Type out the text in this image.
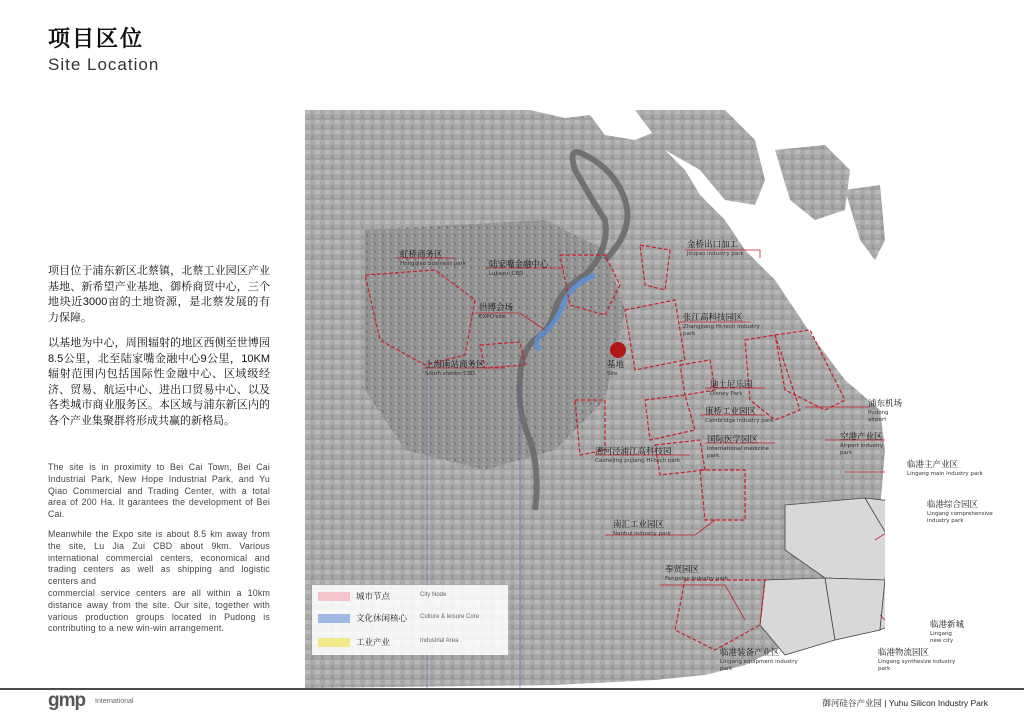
项目区位
Site Location

项目位于浦东新区北蔡镇，北蔡工业园区产业基地、新希望产业基地、御桥商贸中心，三个地块近3000亩的土地资源，是北蔡发展的有力保障。

以基地为中心，周围辐射的地区西侧至世博园8.5公里，北至陆家嘴金融中心9公里，10KM辐射范围内包括国际性金融中心、区域级经济、贸易、航运中心、进出口贸易中心、以及各类城市商业服务区。本区域与浦东新区内的各个产业集聚群将形成共赢的新格局。

The site is in proximity to Bei Cai Town, Bei Cai Industrial Park, New Hope Industrial Park, and Yu Qiao Commercial and Trading Center, with a total area of 200 Ha. It garantees the development of Bei Cai.

Meanwhile the Expo site is about 8.5 km away from the site, Lu Jia Zui CBD about 9km. Various international commercial centers, economical and trading centers as well as shipping and logistic centers and

commercial service centers are all within a 10km distance away from the site. Our site, together with various production groups located in Pudong is contributing to a new win-win arrangement.

虹桥商务区
Hongqiao business park	陆家嘴金融中心
Lujiazui CBD
世博会场
EXPO site
上海南站商务区
South station CBD
基地
Site
金桥出口加工
Jinqiao industry park
张江高科技园区
Zhangjiang Hi-tech industry park
迪士尼乐园
Disney Park
康桥工业园区
Cambridge industry park
国际医学园区
International medicine park
漕河泾浦江高科技园
Caohejing pujiang Hi-tech park
浦东机场
Pudong airport
空港产业区
Airport industry park
临港主产业区
Lingang main industry park
临港综合园区
Lingang comprehensive industry park
南汇工业园区
Nanhui industry park
奉贤园区
Fengxian industry park
临港新城
Lingang new city
临港装备产业区
Lingang equipment industry park
临港物流园区
Lingang synthesize industry park
城市节点	City Node
文化休闲核心 Culture & leisure Core
工业产业	Industrial Area
gmp International	御河硅谷产业园 | Yuhu Silicon Industry Park
